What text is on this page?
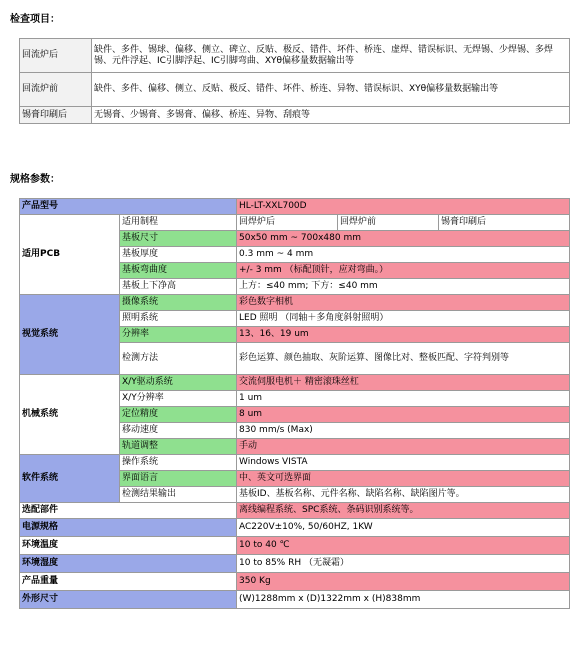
检查项目：
回流炉后	缺件、多件、锡球、偏移、侧立、碑立、反贴、极反、错件、坏件、桥连、虚焊、错误标识、无焊锡、少焊锡、多焊锡、元件浮起、IC引脚浮起、IC引脚弯曲、XYθ偏移量数据输出等
回流炉前	缺件、多件、偏移、侧立、反贴、极反、错件、坏件、桥连、异物、错误标识、XYθ偏移量数据输出等
锡膏印刷后	无锡膏、少锡膏、多锡膏、偏移、桥连、异物、刮痕等
规格参数：
产品型号		HL-LT-XXL700D		
适用PCB	适用制程	回焊炉后	回焊炉前	锡膏印刷后
	基板尺寸	50x50 mm ~ 700x480 mm		
	基板厚度	0.3 mm ~ 4 mm		
	基板弯曲度	+/- 3 mm （标配顶针，应对弯曲。）		
	基板上下净高	上方：≤40 mm; 下方：≤40 mm		
视觉系统	摄像系统	彩色数字相机		
	照明系统	LED 照明 （同轴＋多角度斜射照明）		
	分辨率	13、16、19 um		
	检测方法	彩色运算、颜色抽取、灰阶运算、图像比对、整板匹配、字符判别等		
机械系统	X/Y驱动系统	交流伺服电机＋ 精密滚珠丝杠		
	X/Y分辨率	1 um		
	定位精度	8 um		
	移动速度	830 mm/s (Max)		
	轨道调整	手动		
软件系统	操作系统	Windows VISTA		
	界面语言	中、英文可选界面		
	检测结果输出	基板ID、基板名称、元件名称、缺陷名称、缺陷图片等。		
选配部件		离线编程系统、SPC系统、条码识别系统等。		
电源规格		AC220V±10%, 50/60HZ, 1KW		
环境温度		10 to 40 ℃		
环境湿度		10 to 85% RH （无凝霜）		
产品重量		350 Kg		
外形尺寸		(W)1288mm x (D)1322mm x (H)838mm		
